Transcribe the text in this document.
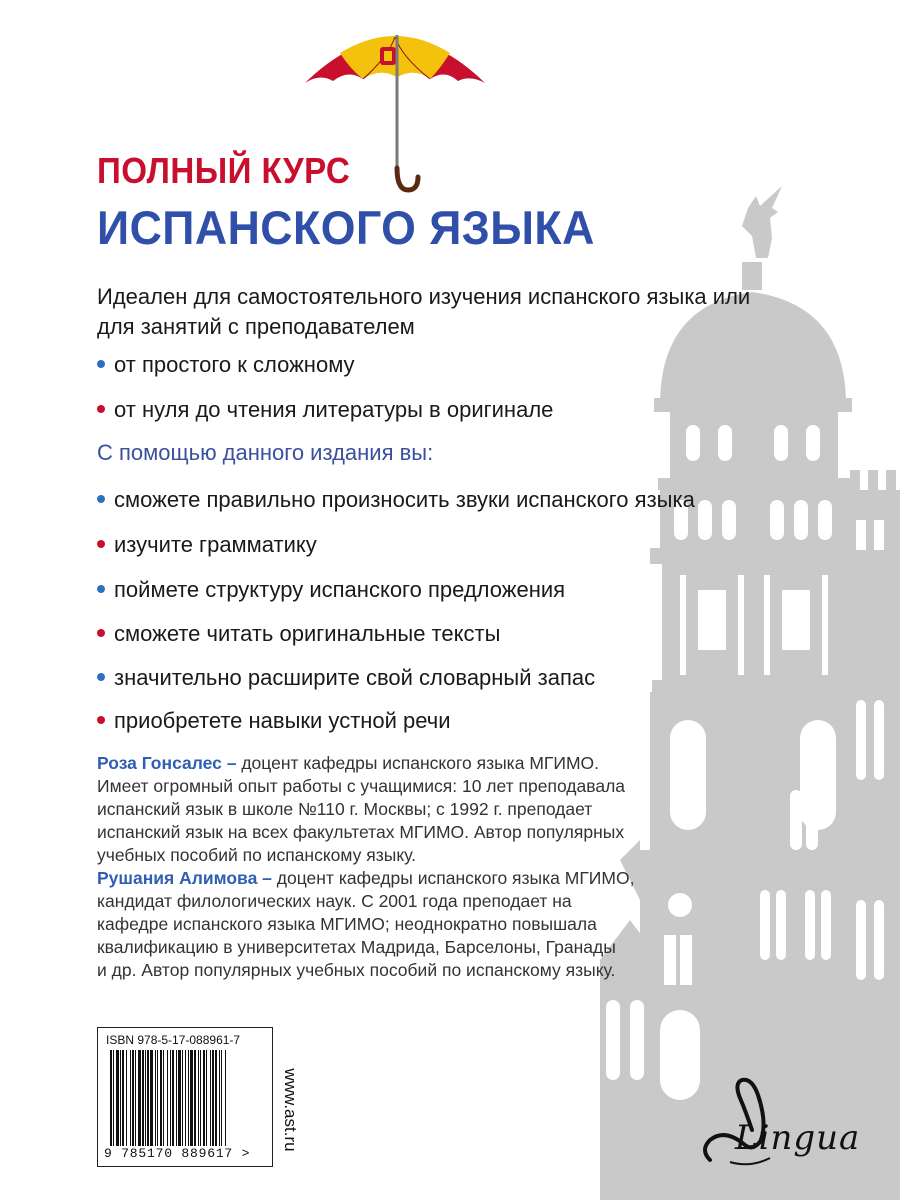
ПОЛНЫЙ КУРС
ИСПАНСКОГО ЯЗЫКА
Идеален для самостоятельного изучения испанского языка или
для занятий с преподавателем
от простого к сложному
от нуля до чтения литературы в оригинале
С помощью данного издания вы:
сможете правильно произносить звуки испанского языка
изучите грамматику
поймете структуру испанского предложения
сможете читать оригинальные тексты
значительно расширите свой словарный запас
приобретете навыки устной речи
Роза Гонсалес – доцент кафедры испанского языка МГИМО.
Имеет огромный опыт работы с учащимися: 10 лет преподавала
испанский язык в школе №110 г. Москвы; с 1992 г. преподает
испанский язык на всех факультетах МГИМО. Автор популярных
учебных пособий по испанскому языку.
Рушания Алимова – доцент кафедры испанского языка МГИМО,
кандидат филологических наук. С 2001 года преподает на
кафедре испанского языка МГИМО; неоднократно повышала
квалификацию в университетах Мадрида, Барселоны, Гранады
и др. Автор популярных учебных пособий по испанскому языку.
ISBN 978-5-17-088961-7
9 785170 889617 >
www.ast.ru	Lingua
